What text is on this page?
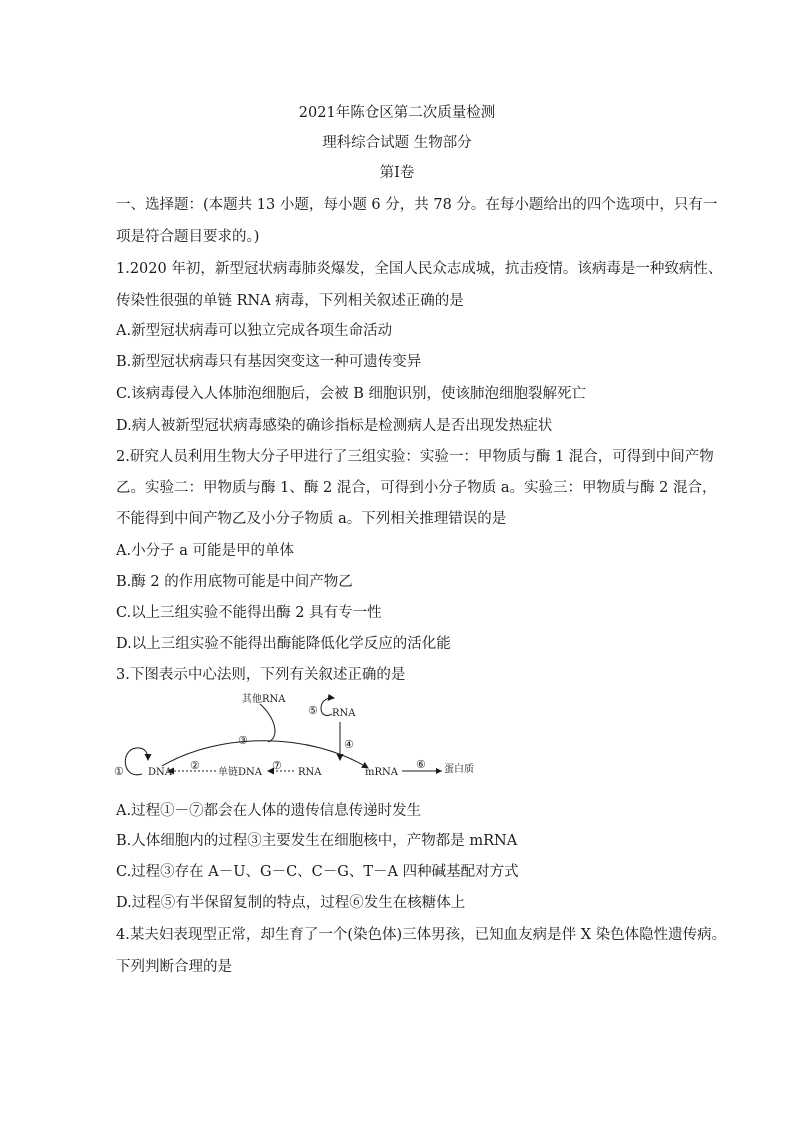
2021年陈仓区第二次质量检测
理科综合试题 生物部分
第Ⅰ卷
一、选择题：(本题共 13 小题，每小题 6 分，共 78 分。在每小题给出的四个选项中，只有一
项是符合题目要求的。)
1.2020 年初，新型冠状病毒肺炎爆发，全国人民众志成城，抗击疫情。该病毒是一种致病性、
传染性很强的单链 RNA 病毒，下列相关叙述正确的是
A.新型冠状病毒可以独立完成各项生命活动
B.新型冠状病毒只有基因突变这一种可遗传变异
C.该病毒侵入人体肺泡细胞后，会被 B 细胞识别，使该肺泡细胞裂解死亡
D.病人被新型冠状病毒感染的确诊指标是检测病人是否出现发热症状
2.研究人员利用生物大分子甲进行了三组实验：实验一：甲物质与酶 1 混合，可得到中间产物
乙。实验二：甲物质与酶 1、酶 2 混合，可得到小分子物质 a。实验三：甲物质与酶 2 混合，
不能得到中间产物乙及小分子物质 a。下列相关推理错误的是
A.小分子 a 可能是甲的单体
B.酶 2 的作用底物可能是中间产物乙
C.以上三组实验不能得出酶 2 具有专一性
D.以上三组实验不能得出酶能降低化学反应的活化能
3.下图表示中心法则，下列有关叙述正确的是
其他RNA
RNA
DNA	单链DNA	RNA	mRNA
①	②
③	④
⑤
⑥
⑦	蛋白质
A.过程①－⑦都会在人体的遗传信息传递时发生
B.人体细胞内的过程③主要发生在细胞核中，产物都是 mRNA
C.过程③存在 A－U、G－C、C－G、T－A 四种碱基配对方式
D.过程⑤有半保留复制的特点，过程⑥发生在核糖体上
4.某夫妇表现型正常，却生育了一个(染色体)三体男孩，已知血友病是伴 X 染色体隐性遗传病。
下列判断合理的是
